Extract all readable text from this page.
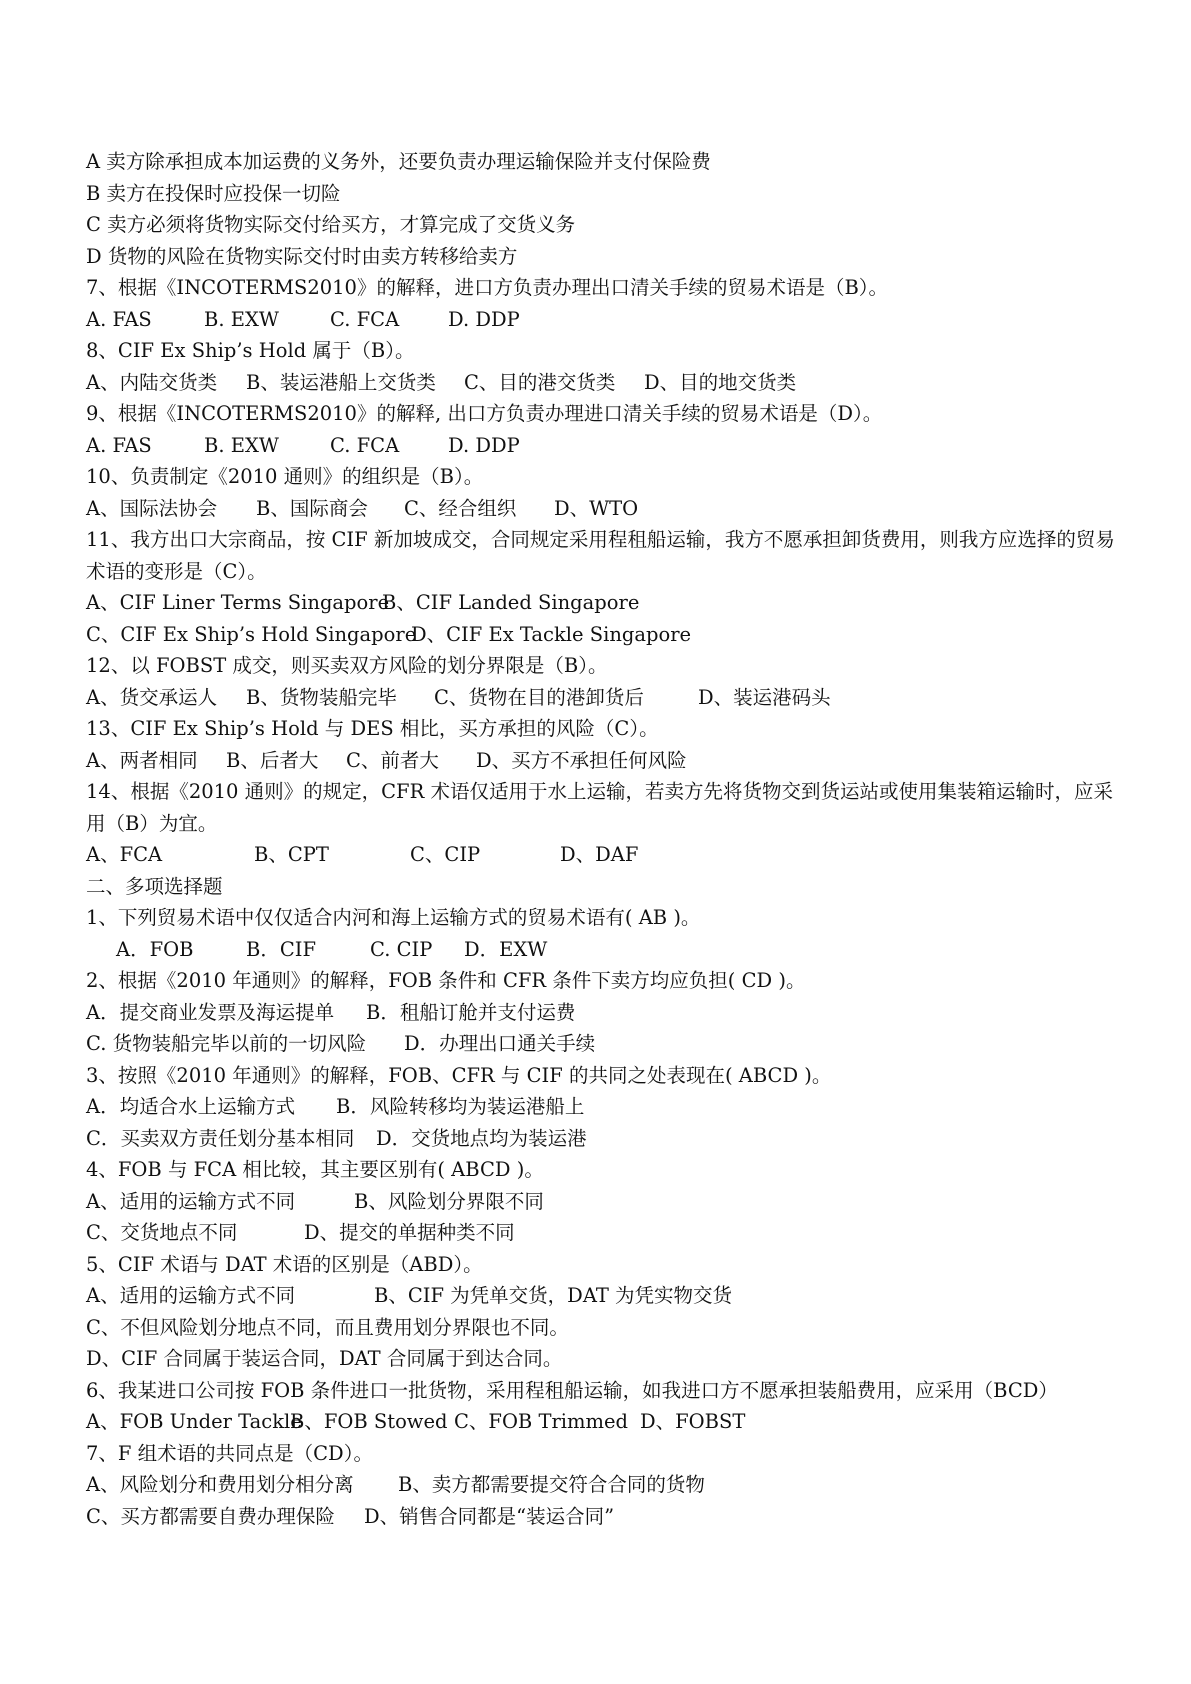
A 卖方除承担成本加运费的义务外，还要负责办理运输保险并支付保险费
B 卖方在投保时应投保一切险
C 卖方必须将货物实际交付给买方，才算完成了交货义务
D 货物的风险在货物实际交付时由卖方转移给卖方
7、根据《INCOTERMS2010》的解释，进口方负责办理出口清关手续的贸易术语是（B）。
A. FAS	B. EXW	C. FCA	D. DDP
8、CIF Ex Ship’s Hold 属于（B）。
A、内陆交货类	B、装运港船上交货类	C、目的港交货类	D、目的地交货类
9、根据《INCOTERMS2010》的解释, 出口方负责办理进口清关手续的贸易术语是（D）。
A. FAS	B. EXW	C. FCA	D. DDP
10、负责制定《2010 通则》的组织是（B）。
A、国际法协会	B、国际商会	C、经合组织	D、WTO
11、我方出口大宗商品，按 CIF 新加坡成交，合同规定采用程租船运输，我方不愿承担卸货费用，则我方应选择的贸易术语的变形是（C）。
A、CIF Liner Terms Singapore
B、CIF Landed Singapore
C、CIF Ex Ship’s Hold Singapore
D、CIF Ex Tackle Singapore
12、以 FOBST 成交，则买卖双方风险的划分界限是（B）。
A、货交承运人	B、货物装船完毕	C、货物在目的港卸货后	D、装运港码头
13、CIF Ex Ship’s Hold 与 DES 相比，买方承担的风险（C）。
A、两者相同	B、后者大	C、前者大	D、买方不承担任何风险
14、根据《2010 通则》的规定，CFR 术语仅适用于水上运输，若卖方先将货物交到货运站或使用集装箱运输时，应采用（B）为宜。
A、FCA	B、CPT	C、CIP	D、DAF
二、多项选择题
1、下列贸易术语中仅仅适合内河和海上运输方式的贸易术语有( AB )。
A．FOB	B．CIF	C. CIP	D．EXW
2、根据《2010 年通则》的解释，FOB 条件和 CFR 条件下卖方均应负担( CD )。
A．提交商业发票及海运提单	B．租船订舱并支付运费
C. 货物装船完毕以前的一切风险	D．办理出口通关手续
3、按照《2010 年通则》的解释，FOB、CFR 与 CIF 的共同之处表现在( ABCD )。
A．均适合水上运输方式	B．风险转移均为装运港船上
C．买卖双方责任划分基本相同	D．交货地点均为装运港
4、FOB 与 FCA 相比较，其主要区别有( ABCD )。
A、适用的运输方式不同	B、风险划分界限不同
C、交货地点不同	D、提交的单据种类不同
5、CIF 术语与 DAT 术语的区别是（ABD）。
A、适用的运输方式不同	B、CIF 为凭单交货，DAT 为凭实物交货
C、不但风险划分地点不同，而且费用划分界限也不同。
D、CIF 合同属于装运合同，DAT 合同属于到达合同。
6、我某进口公司按 FOB 条件进口一批货物，采用程租船运输，如我进口方不愿承担装船费用，应采用（BCD）
A、FOB Under Tackle
B、FOB Stowed C、FOB Trimmed D、FOBST
7、F 组术语的共同点是（CD）。
A、风险划分和费用划分相分离	B、卖方都需要提交符合合同的货物
C、买方都需要自费办理保险	D、销售合同都是“装运合同”
